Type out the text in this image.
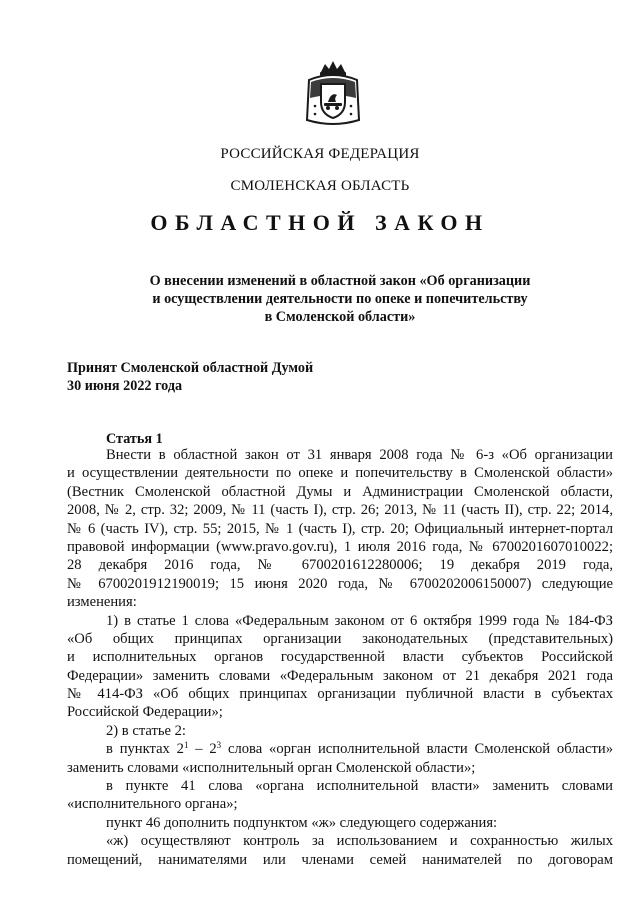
РОССИЙСКАЯ ФЕДЕРАЦИЯ
СМОЛЕНСКАЯ ОБЛАСТЬ
ОБЛАСТНОЙ ЗАКОН
О внесении изменений в областной закон «Об организации
и осуществлении деятельности по опеке и попечительству
в Смоленской области»
Принят Смоленской областной Думой
30 июня 2022 года
Статья 1
Внести в областной закон от 31 января 2008 года № 6-з «Об организации
и осуществлении деятельности по опеке и попечительству в Смоленской области»
(Вестник Смоленской областной Думы и Администрации Смоленской области,
2008, № 2, стр. 32; 2009, № 11 (часть I), стр. 26; 2013, № 11 (часть II), стр. 22; 2014,
№ 6 (часть IV), стр. 55; 2015, № 1 (часть I), стр. 20; Официальный интернет-портал
правовой информации (www.pravo.gov.ru), 1 июля 2016 года, № 6700201607010022;
28 декабря 2016 года, № 6700201612280006; 19 декабря 2019 года,
№ 6700201912190019; 15 июня 2020 года, № 6700202006150007) следующие
изменения:
1) в статье 1 слова «Федеральным законом от 6 октября 1999 года № 184-ФЗ
«Об общих принципах организации законодательных (представительных)
и исполнительных органов государственной власти субъектов Российской
Федерации» заменить словами «Федеральным законом от 21 декабря 2021 года
№ 414-ФЗ «Об общих принципах организации публичной власти в субъектах
Российской Федерации»;
2) в статье 2:
в пунктах $2^1 - 2^3$ слова «орган исполнительной власти Смоленской области»
заменить словами «исполнительный орган Смоленской области»;
в пункте 41 слова «органа исполнительной власти» заменить словами
«исполнительного органа»;
пункт 46 дополнить подпунктом «ж» следующего содержания:
«ж) осуществляют контроль за использованием и сохранностью жилых
помещений, нанимателями или членами семей нанимателей по договорам
